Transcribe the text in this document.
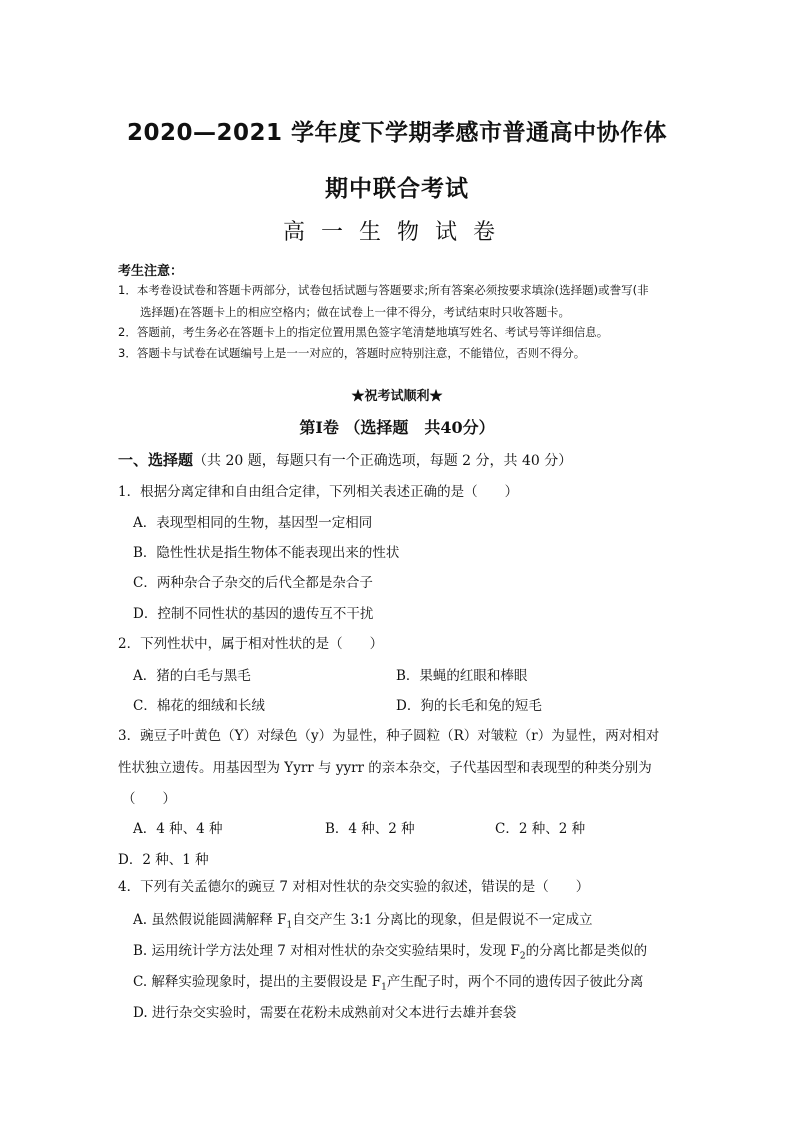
2020—2021 学年度下学期孝感市普通高中协作体
期中联合考试
高一生物试卷
考生注意：
1．本考卷设试卷和答题卡两部分，试卷包括试题与答题要求;所有答案必须按要求填涂(选择题)或誊写(非
选择题)在答题卡上的相应空格内；做在试卷上一律不得分，考试结束时只收答题卡。
2．答题前，考生务必在答题卡上的指定位置用黑色签字笔清楚地填写姓名、考试号等详细信息。
3．答题卡与试卷在试题编号上是一一对应的，答题时应特别注意，不能错位，否则不得分。
★祝考试顺利★
第Ⅰ卷 （选择题　共40分）
一、选择题（共 20 题，每题只有一个正确选项，每题 2 分，共 40 分）
1．根据分离定律和自由组合定律，下列相关表述正确的是（　　）
A．表现型相同的生物，基因型一定相同
B．隐性性状是指生物体不能表现出来的性状
C．两种杂合子杂交的后代全都是杂合子
D．控制不同性状的基因的遗传互不干扰
2．下列性状中，属于相对性状的是（　　）
A．猪的白毛与黑毛	B．果蝇的红眼和棒眼
C．棉花的细绒和长绒	D．狗的长毛和兔的短毛
3．豌豆子叶黄色（Y）对绿色（y）为显性，种子圆粒（R）对皱粒（r）为显性，两对相对
性状独立遗传。用基因型为 Yyrr 与 yyrr 的亲本杂交，子代基因型和表现型的种类分别为
（　　）
A．4 种、4 种	B．4 种、2 种	C．2 种、2 种
D．2 种、1 种
4．下列有关孟德尔的豌豆 7 对相对性状的杂交实验的叙述，错误的是（　　）
A. 虽然假说能圆满解释 $F_1$自交产生 3:1 分离比的现象，但是假说不一定成立
B. 运用统计学方法处理 7 对相对性状的杂交实验结果时，发现 $F_2$的分离比都是类似的
C. 解释实验现象时，提出的主要假设是 $F_1$产生配子时，两个不同的遗传因子彼此分离
D. 进行杂交实验时，需要在花粉未成熟前对父本进行去雄并套袋
